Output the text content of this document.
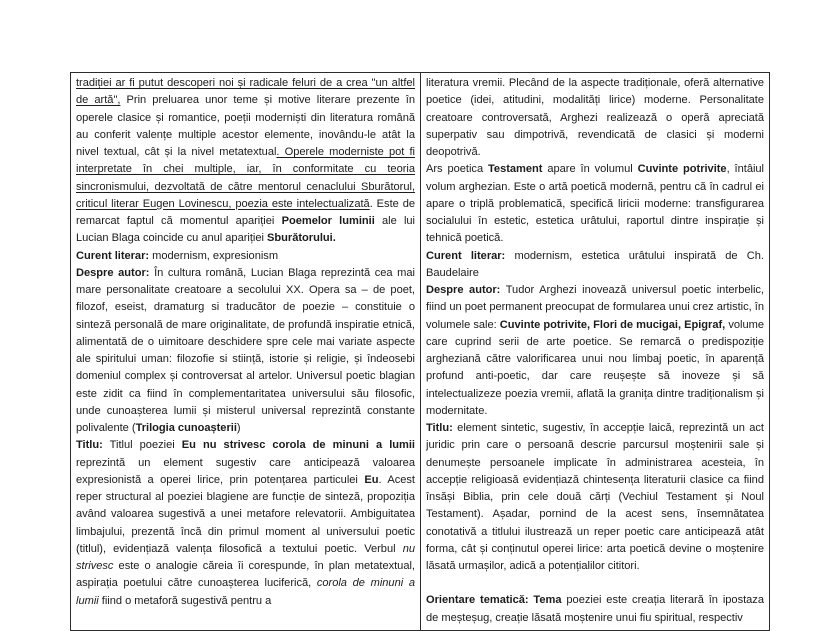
tradiției ar fi putut descoperi noi și radicale feluri de a crea "un altfel de artă", Prin preluarea unor teme și motive literare prezente în operele clasice și romantice, poeții moderniști din literatura română au conferit valențe multiple acestor elemente, inovându-le atât la nivel textual, cât și la nivel metatextual. Operele moderniste pot fi interpretate în chei multiple, iar, în conformitate cu teoria sincronismului, dezvoltată de către mentorul cenaclului Sburătorul, criticul literar Eugen Lovinescu, poezia este intelectualizată. Este de remarcat faptul că momentul apariției Poemelor luminii ale lui Lucian Blaga coincide cu anul apariției Sburătorului.

Curent literar: modernism, expresionism

Despre autor: În cultura română, Lucian Blaga reprezintă cea mai mare personalitate creatoare a secolului XX. Opera sa – de poet, filozof, eseist, dramaturg si traducător de poezie – constituie o sinteză personală de mare originalitate, de profundă inspiratie etnică, alimentată de o uimitoare deschidere spre cele mai variate aspecte ale spiritului uman: filozofie si stiință, istorie și religie, și îndeosebi domeniul complex și controversat al artelor. Universul poetic blagian este zidit ca fiind în complementaritatea universului său filosofic, unde cunoașterea lumii și misterul universal reprezintă constante polivalente (Trilogia cunoașterii)

Titlu: Titlul poeziei Eu nu strivesc corola de minuni a lumii reprezintă un element sugestiv care anticipează valoarea expresionistă a operei lirice, prin potențarea particulei Eu. Acest reper structural al poeziei blagiene are funcție de sinteză, propoziția având valoarea sugestivă a unei metafore relevatorii. Ambiguitatea limbajului, prezentă încă din primul moment al universului poetic (titlul), evidențiază valența filosofică a textului poetic. Verbul nu strivesc este o analogie căreia îi corespunde, în plan metatextual, aspirația poetului către cunoașterea luciferică, corola de minuni a lumii fiind o metaforă sugestivă pentru a

literatura vremii. Plecând de la aspecte tradiționale, oferă alternative poetice (idei, atitudini, modalități lirice) moderne. Personalitate creatoare controversată, Arghezi realizează o operă apreciată superpativ sau dimpotrivă, revendicată de clasici și moderni deopotrivă.

Ars poetica Testament apare în volumul Cuvinte potrivite, întâiul volum arghezian. Este o artă poetică modernă, pentru că în cadrul ei apare o triplă problematică, specifică liricii moderne: transfigurarea socialului în estetic, estetica urâtului, raportul dintre inspirație și tehnică poetică.

Curent literar: modernism, estetica urâtului inspirată de Ch. Baudelaire

Despre autor: Tudor Arghezi inovează universul poetic interbelic, fiind un poet permanent preocupat de formularea unui crez artistic, în volumele sale: Cuvinte potrivite, Flori de mucigai, Epigraf, volume care cuprind serii de arte poetice. Se remarcă o predispoziție argheziană către valorificarea unui nou limbaj poetic, în aparență profund anti-poetic, dar care reușește să inoveze și să intelectualizeze poezia vremii, aflată la granița dintre tradiționalism și modernitate.

Titlu: element sintetic, sugestiv, în accepție laică, reprezintă un act juridic prin care o persoană descrie parcursul moștenirii sale și denumește persoanele implicate în administrarea acesteia, în accepție religioasă evidențiază chintesența literaturii clasice ca fiind însăși Biblia, prin cele două cărți (Vechiul Testament și Noul Testament). Așadar, pornind de la acest sens, însemnătatea conotativă a titlului ilustrează un reper poetic care anticipează atât forma, cât și conținutul operei lirice: arta poetică devine o moștenire lăsată urmașilor, adică a potențialilor cititori.

Orientare tematică: Tema poeziei este creația literară în ipostaza de meșteșug, creație lăsată moștenire unui fiu spiritual, respectiv
